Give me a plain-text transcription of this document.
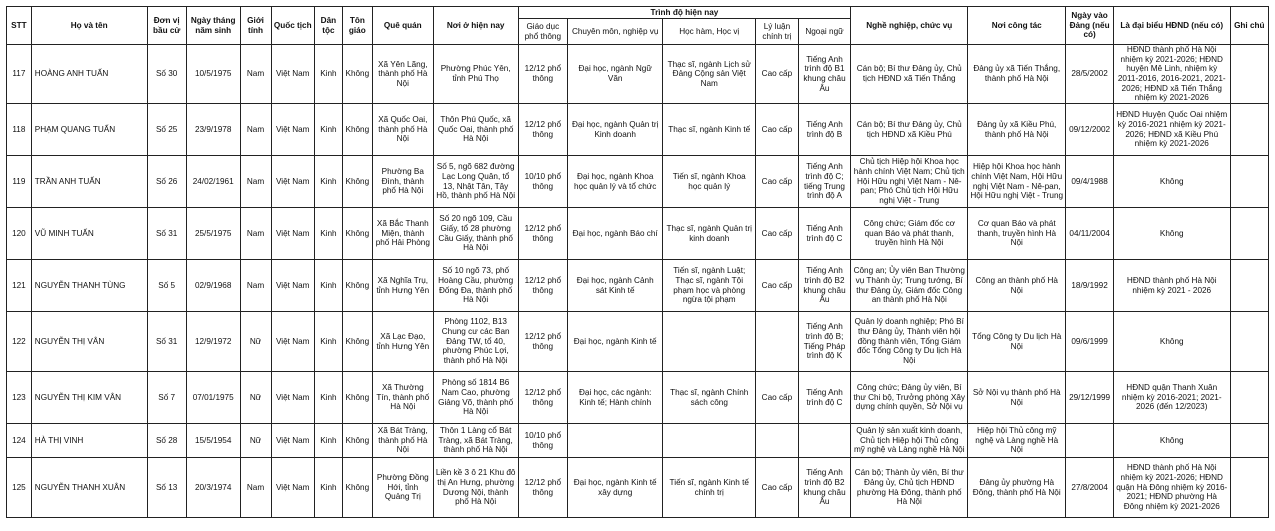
STT	Họ và tên	Đơn vị bầu cử	Ngày tháng năm sinh	Giới tính	Quốc tịch	Dân tộc	Tôn giáo	Quê quán	Nơi ở hiện nay	Trình độ hiện nay					Nghề nghiệp, chức vụ	Nơi công tác	Ngày vào Đảng (nếu có)	Là đại biểu HĐND (nếu có)	Ghi chú
										Giáo dục phổ thông	Chuyên môn, nghiệp vụ	Học hàm, Học vị	Lý luận chính trị	Ngoại ngữ					
117	HOÀNG ANH TUẤN	Số 30	10/5/1975	Nam	Việt Nam	Kinh	Không	Xã Yên Lãng, thành phố Hà Nội	Phường Phúc Yên, tỉnh Phú Thọ	12/12 phổ thông	Đại học, ngành Ngữ Văn	Thạc sĩ, ngành Lịch sử Đảng Cộng sản Việt Nam	Cao cấp	Tiếng Anh trình độ B1 khung châu Âu	Cán bộ; Bí thư Đảng ủy, Chủ tịch HĐND xã Tiến Thắng	Đảng ủy xã Tiến Thắng, thành phố Hà Nội	28/5/2002	HĐND thành phố Hà Nội nhiệm kỳ 2021-2026; HĐND huyện Mê Linh, nhiệm kỳ 2011-2016, 2016-2021, 2021-2026; HĐND xã Tiến Thắng nhiệm kỳ 2021-2026	
118	PHẠM QUANG TUẤN	Số 25	23/9/1978	Nam	Việt Nam	Kinh	Không	Xã Quốc Oai, thành phố Hà Nội	Thôn Phú Quốc, xã Quốc Oai, thành phố Hà Nội	12/12 phổ thông	Đại học, ngành Quản trị Kinh doanh	Thạc sĩ, ngành Kinh tế	Cao cấp	Tiếng Anh trình độ B	Cán bộ; Bí thư Đảng ủy, Chủ tịch HĐND xã Kiều Phú	Đảng ủy xã Kiều Phú, thành phố Hà Nội	09/12/2002	HĐND Huyện Quốc Oai nhiệm kỳ 2016-2021 nhiệm kỳ 2021-2026; HĐND xã Kiều Phú nhiệm kỳ 2021-2026	
119	TRẦN ANH TUẤN	Số 26	24/02/1961	Nam	Việt Nam	Kinh	Không	Phường Ba Đình, thành phố Hà Nội	Số 5, ngõ 682 đường Lạc Long Quân, tổ 13, Nhật Tân, Tây Hồ, thành phố Hà Nội	10/10 phổ thông	Đại học, ngành Khoa học quản lý và tổ chức	Tiến sĩ, ngành Khoa học quản lý	Cao cấp	Tiếng Anh trình độ C; tiếng Trung trình độ A	Chủ tịch Hiệp hội Khoa học hành chính Việt Nam; Chủ tịch Hội Hữu nghị Việt Nam - Nê-pan; Phó Chủ tịch Hội Hữu nghị Việt - Trung	Hiệp hội Khoa học hành chính Việt Nam, Hội Hữu nghị Việt Nam - Nê-pan, Hội Hữu nghị Việt - Trung	09/4/1988	Không	
120	VŨ MINH TUẤN	Số 31	25/5/1975	Nam	Việt Nam	Kinh	Không	Xã Bắc Thanh Miện, thành phố Hải Phòng	Số 20 ngõ 109, Cầu Giấy, tổ 28 phường Cầu Giấy, thành phố Hà Nội	12/12 phổ thông	Đại học, ngành Báo chí	Thạc sĩ, ngành Quản trị kinh doanh	Cao cấp	Tiếng Anh trình độ C	Công chức; Giám đốc cơ quan Báo và phát thanh, truyền hình Hà Nội	Cơ quan Báo và phát thanh, truyền hình Hà Nội	04/11/2004	Không	
121	NGUYỄN THANH TÙNG	Số 5	02/9/1968	Nam	Việt Nam	Kinh	Không	Xã Nghĩa Trụ, tỉnh Hưng Yên	Số 10 ngõ 73, phố Hoàng Cầu, phường Đống Đa, thành phố Hà Nội	12/12 phổ thông	Đại học, ngành Cảnh sát Kinh tế	Tiến sĩ, ngành Luật; Thạc sĩ, ngành Tội phạm học và phòng ngừa tội phạm	Cao cấp	Tiếng Anh trình độ B2 khung châu Âu	Công an; Ủy viên Ban Thường vụ Thành ủy; Trung tướng, Bí thư Đảng ủy, Giám đốc Công an thành phố Hà Nội	Công an thành phố Hà Nội	18/9/1992	HĐND thành phố Hà Nội nhiệm kỳ 2021 - 2026	
122	NGUYỄN THỊ VÂN	Số 31	12/9/1972	Nữ	Việt Nam	Kinh	Không	Xã Lạc Đạo, tỉnh Hưng Yên	Phòng 1102, B13 Chung cư các Ban Đảng TW, tổ 40, phường Phúc Lợi, thành phố Hà Nội	12/12 phổ thông	Đại học, ngành Kinh tế			Tiếng Anh trình độ B; Tiếng Pháp trình độ K	Quản lý doanh nghiệp; Phó Bí thư Đảng ủy, Thành viên hội đồng thành viên, Tổng Giám đốc Tổng Công ty Du lịch Hà Nội	Tổng Công ty Du lịch Hà Nội	09/6/1999	Không	
123	NGUYỄN THỊ KIM VÂN	Số 7	07/01/1975	Nữ	Việt Nam	Kinh	Không	Xã Thường Tín, thành phố Hà Nội	Phòng số 1814 B6 Nam Cao, phường Giảng Võ, thành phố Hà Nội	12/12 phổ thông	Đại học, các ngành: Kinh tế; Hành chính	Thạc sĩ, ngành Chính sách công	Cao cấp	Tiếng Anh trình độ C	Công chức; Đảng ủy viên, Bí thư Chi bộ, Trưởng phòng Xây dựng chính quyền, Sở Nội vụ	Sở Nội vụ thành phố Hà Nội	29/12/1999	HĐND quận Thanh Xuân nhiệm kỳ 2016-2021; 2021-2026 (đến 12/2023)	
124	HÀ THỊ VINH	Số 28	15/5/1954	Nữ	Việt Nam	Kinh	Không	Xã Bát Tràng, thành phố Hà Nội	Thôn 1 Làng cổ Bát Tràng, xã Bát Tràng, thành phố Hà Nội	10/10 phổ thông					Quản lý sản xuất kinh doanh, Chủ tịch Hiệp hội Thủ công mỹ nghệ và Làng nghề Hà Nội	Hiệp hội Thủ công mỹ nghệ và Làng nghề Hà Nội		Không	
125	NGUYỄN THANH XUÂN	Số 13	20/3/1974	Nam	Việt Nam	Kinh	Không	Phường Đồng Hới, tỉnh Quảng Trị	Liền kề 3 ô 21 Khu đô thị An Hưng, phường Dương Nội, thành phố Hà Nội	12/12 phổ thông	Đại học, ngành Kinh tế xây dựng	Tiến sĩ, ngành Kinh tế chính trị	Cao cấp	Tiếng Anh trình độ B2 khung châu Âu	Cán bộ; Thành ủy viên, Bí thư Đảng ủy, Chủ tịch HĐND phường Hà Đông, thành phố Hà Nội	Đảng ủy phường Hà Đông, thành phố Hà Nội	27/8/2004	HĐND thành phố Hà Nội nhiệm kỳ 2021-2026; HĐND quận Hà Đông nhiệm kỳ 2016-2021; HĐND phường Hà Đông nhiệm kỳ 2021-2026	
